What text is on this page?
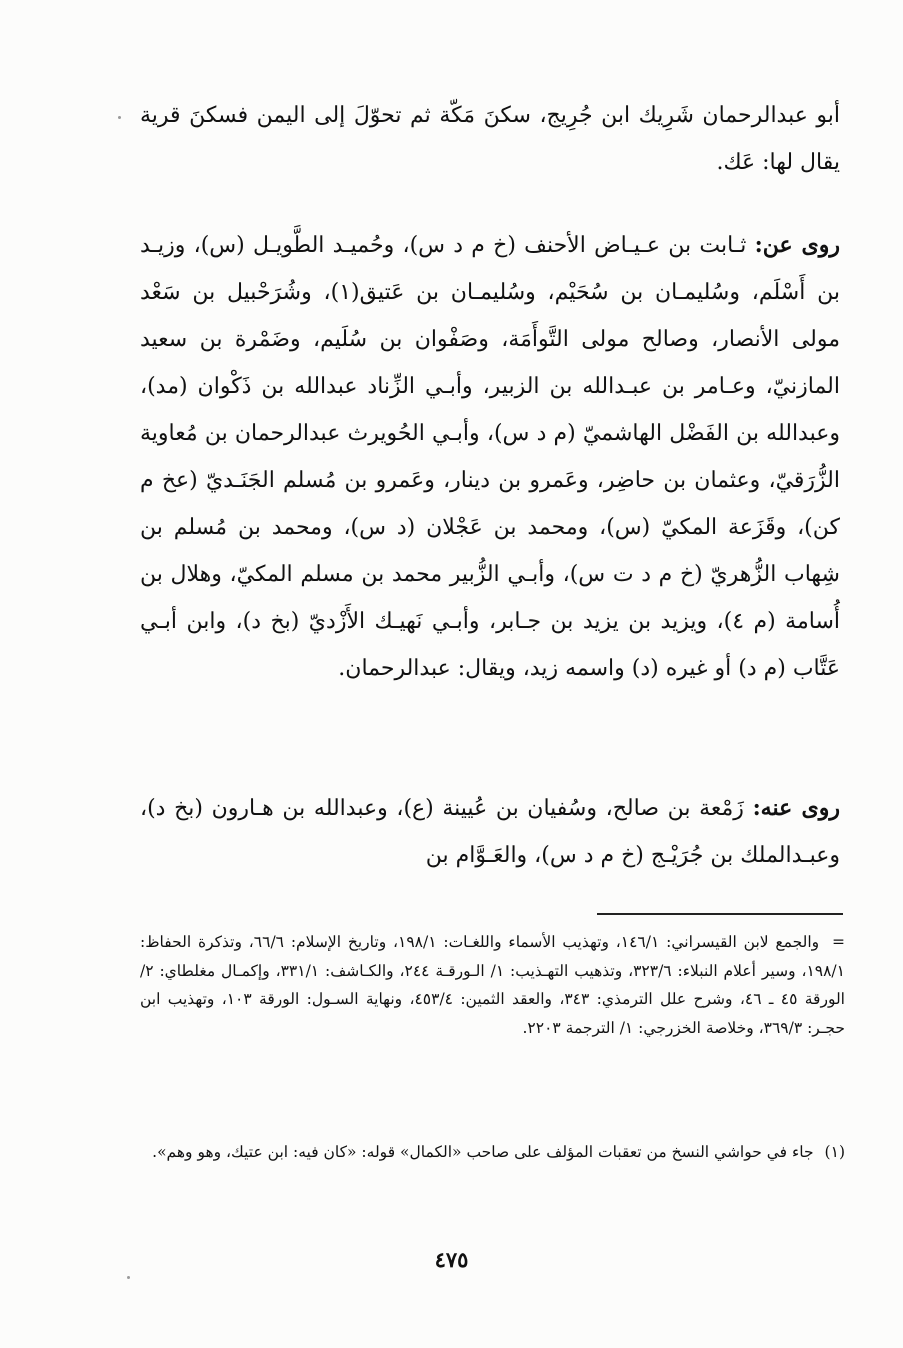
أبو عبدالرحمان شَرِيك ابن جُرِيج، سكنَ مَكّة ثم تحوّلَ إلى اليمن فسكنَ قرية يقال لها: عَك.

روى عن: ثـابت بن عـيـاض الأحنف (خ م د س)، وحُميـد الطَّويـل (س)، وزيـد بن أَسْلَم، وسُليمـان بن سُحَيْم، وسُليمـان بن عَتيق(١)، وشُرَحْبيل بن سَعْد مولى الأنصار، وصالح مولى التَّوأَمَة، وصَفْوان بن سُلَيم، وضَمْرة بن سعيد المازنيّ، وعـامر بن عبـدالله بن الزبير، وأبـي الزِّناد عبدالله بن ذَكْوان (مد)، وعبدالله بن الفَضْل الهاشميّ (م د س)، وأبـي الحُويرث عبدالرحمان بن مُعاوية الزُّرَقيّ، وعثمان بن حاضِر، وعَمرو بن دينار، وعَمرو بن مُسلم الجَنَـديّ (عخ م كن)، وقَزَعة المكيّ (س)، ومحمد بن عَجْلان (د س)، ومحمد بن مُسلم بن شِهاب الزُّهريّ (خ م د ت س)، وأبـي الزُّبير محمد بن مسلم المكيّ، وهلال بن أُسامة (م ٤)، ويزيد بن يزيد بن جـابر، وأبـي نَهيـك الأَزْديّ (بخ د)، وابن أبـي عَتَّاب (م د) أو غيره (د) واسمه زيد، ويقال: عبدالرحمان.

روى عنه: زَمْعة بن صالح، وسُفيان بن عُيينة (ع)، وعبدالله بن هـارون (بخ د)، وعبـدالملك بن جُرَيْـج (خ م د س)، والعَـوَّام بن

= والجمع لابن القيسراني: ١٤٦/١، وتهذيب الأسماء واللغـات: ١٩٨/١، وتاريخ الإسلام: ٦٦/٦، وتذكرة الحفاظ: ١٩٨/١، وسير أعلام النبلاء: ٣٢٣/٦، وتذهيب التهـذيب: ١/ الـورقـة ٢٤٤، والكـاشف: ٣٣١/١، وإكمـال مغلطاي: ٢/ الورقة ٤٥ ـ ٤٦، وشرح علل الترمذي: ٣٤٣، والعقد الثمين: ٤٥٣/٤، ونهاية السـول: الورقة ١٠٣، وتهذيب ابن حجـر: ٣٦٩/٣، وخلاصة الخزرجي: ١/ الترجمة ٢٢٠٣.

(١) جاء في حواشي النسخ من تعقبات المؤلف على صاحب «الكمال» قوله: «كان فيه: ابن عتيك، وهو وهم».

٤٧٥
